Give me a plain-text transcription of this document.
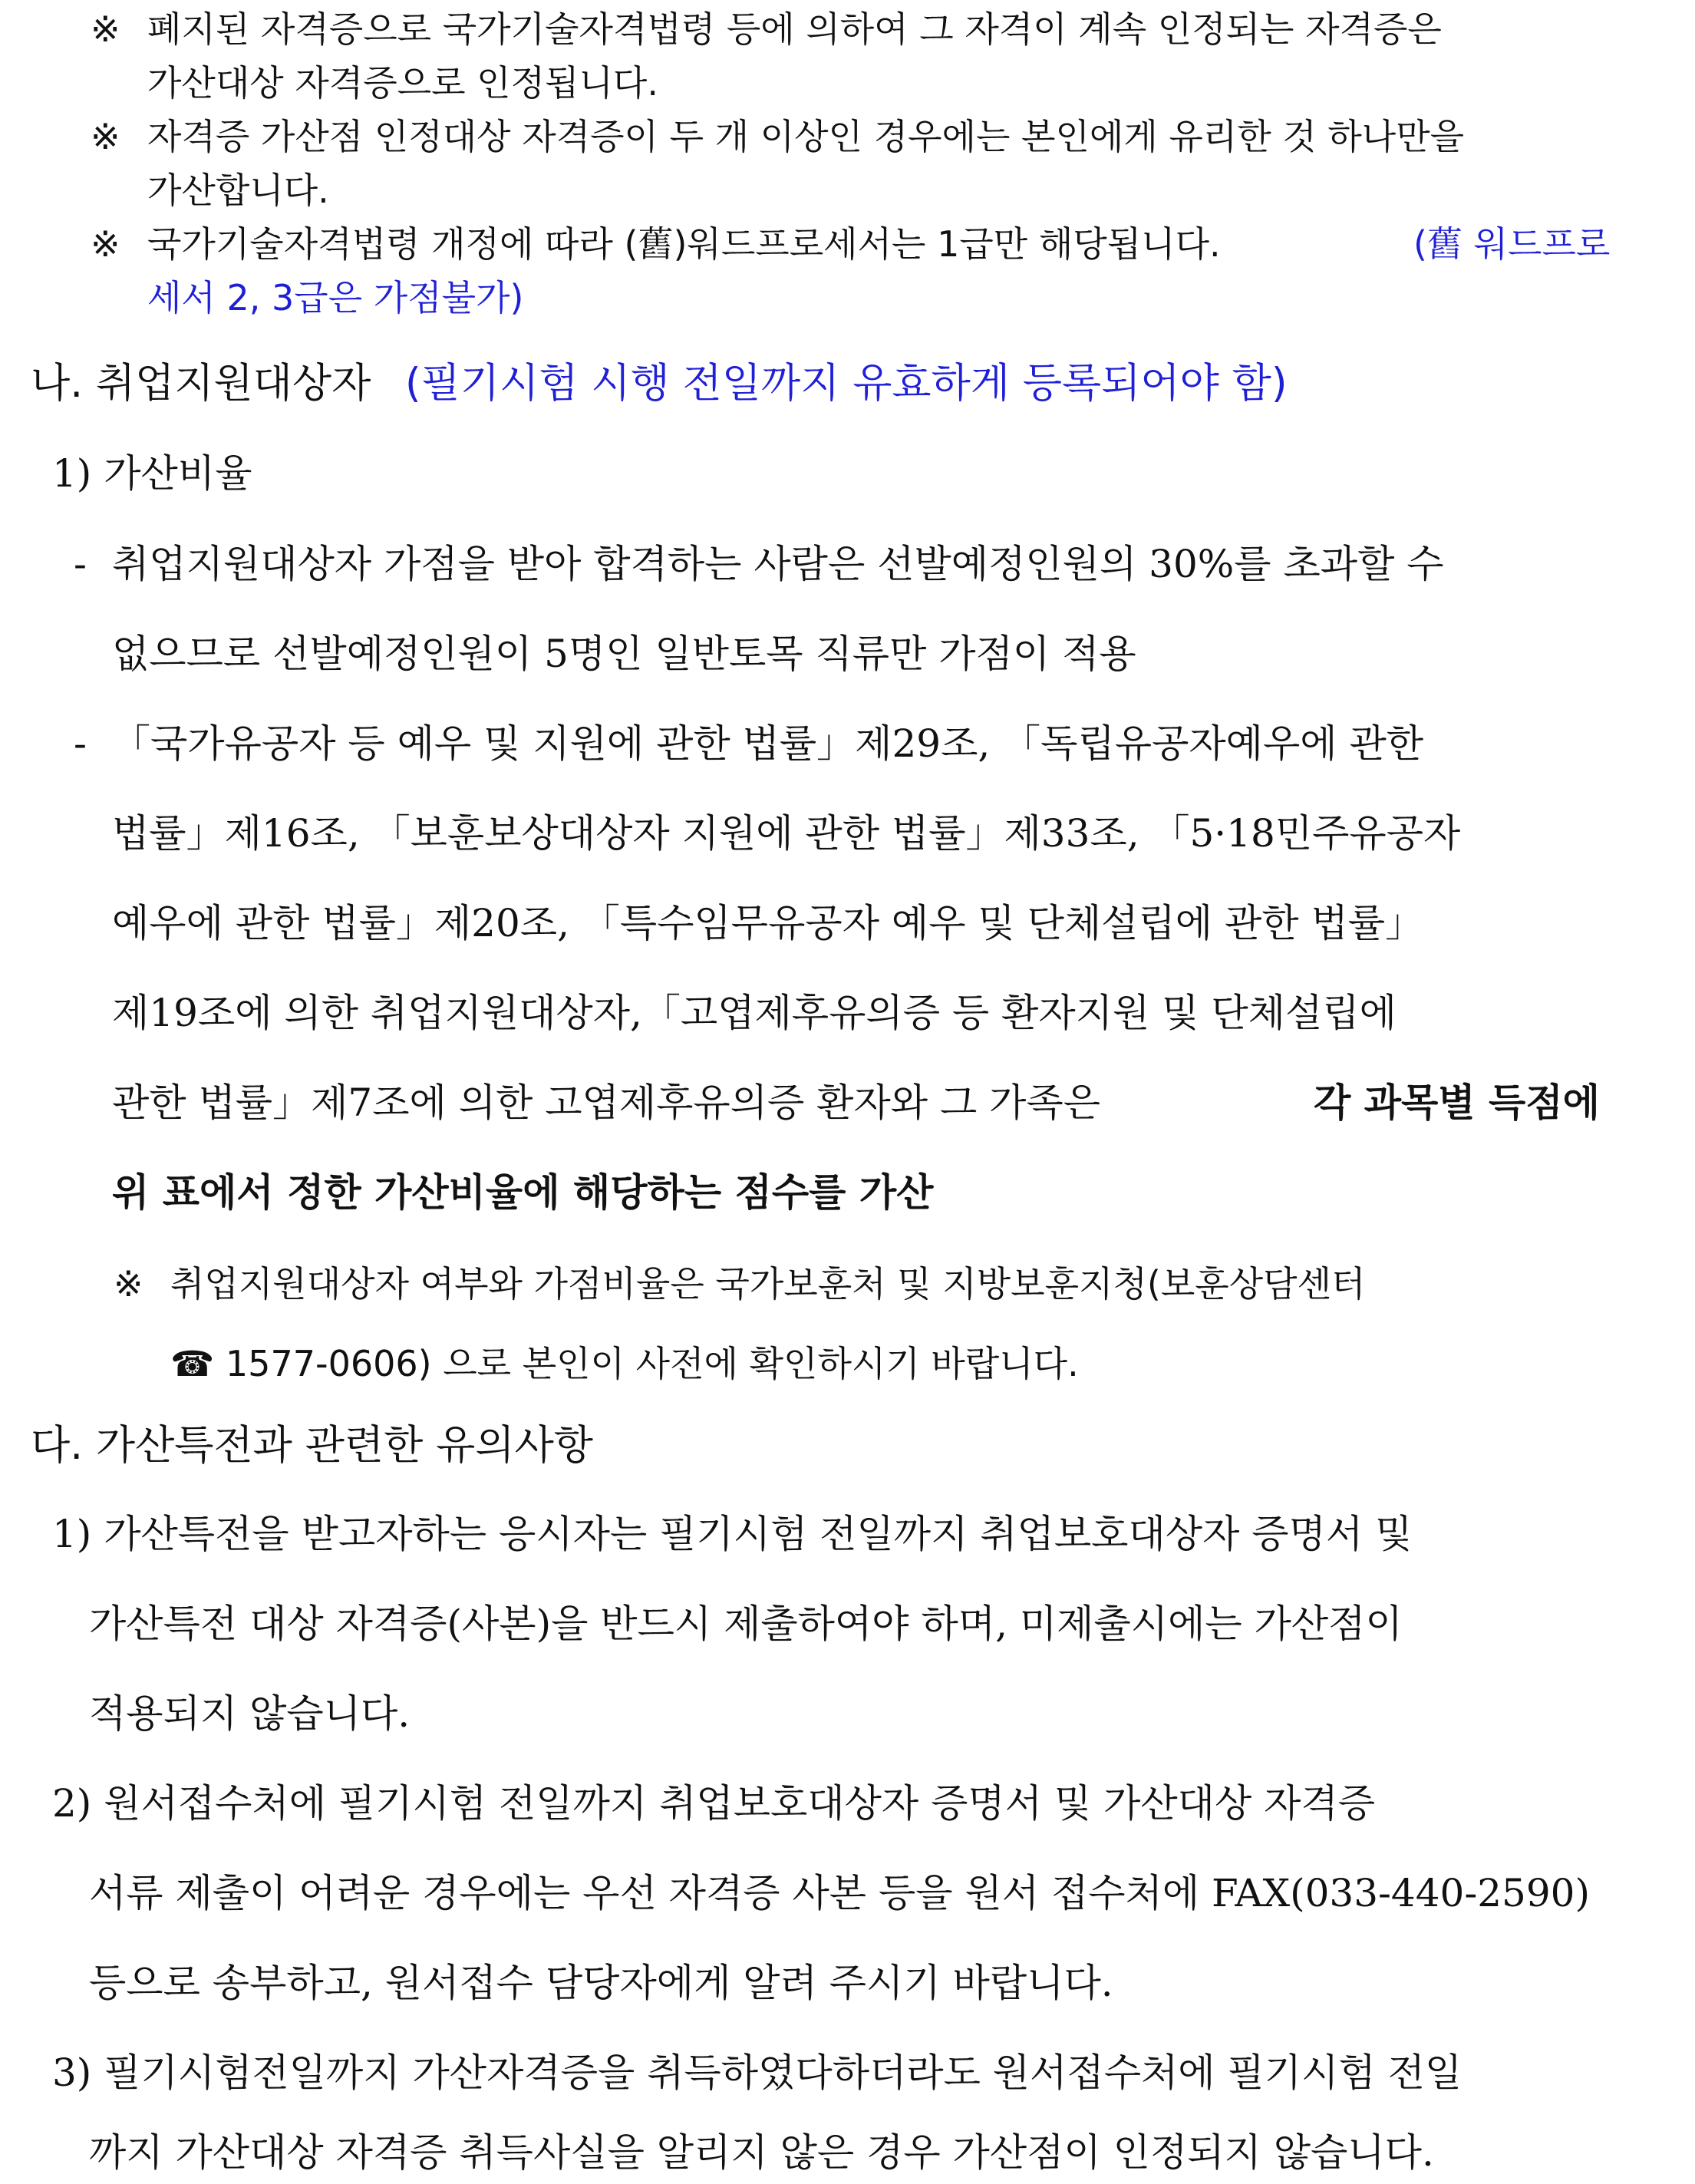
※ 폐지된 자격증으로 국가기술자격법령 등에 의하여 그 자격이 계속 인정되는 자격증은
가산대상 자격증으로 인정됩니다.
※ 자격증 가산점 인정대상 자격증이 두 개 이상인 경우에는 본인에게 유리한 것 하나만을
가산합니다.
※ 국가기술자격법령 개정에 따라 (舊)워드프로세서는 1급만 해당됩니다.	(舊 워드프로
세서 2, 3급은 가점불가)
나. 취업지원대상자 (필기시험 시행 전일까지 유효하게 등록되어야 함)
1) 가산비율
- 취업지원대상자 가점을 받아 합격하는 사람은 선발예정인원의 30%를 초과할 수
없으므로 선발예정인원이 5명인 일반토목 직류만 가점이 적용
- 「국가유공자 등 예우 및 지원에 관한 법률」제29조, 「독립유공자예우에 관한
법률」제16조, 「보훈보상대상자 지원에 관한 법률」제33조, 「5·18민주유공자
예우에 관한 법률」제20조, 「특수임무유공자 예우 및 단체설립에 관한 법률」
제19조에 의한 취업지원대상자,「고엽제후유의증 등 환자지원 및 단체설립에
관한 법률」제7조에 의한 고엽제후유의증 환자와 그 가족은	각 과목별 득점에
위 표에서 정한 가산비율에 해당하는 점수를 가산
※ 취업지원대상자 여부와 가점비율은 국가보훈처 및 지방보훈지청(보훈상담센터
☎ 1577-0606) 으로 본인이 사전에 확인하시기 바랍니다.
다. 가산특전과 관련한 유의사항
1) 가산특전을 받고자하는 응시자는 필기시험 전일까지 취업보호대상자 증명서 및
가산특전 대상 자격증(사본)을 반드시 제출하여야 하며, 미제출시에는 가산점이
적용되지 않습니다.
2) 원서접수처에 필기시험 전일까지 취업보호대상자 증명서 및 가산대상 자격증
서류 제출이 어려운 경우에는 우선 자격증 사본 등을 원서 접수처에 FAX(033-440-2590)
등으로 송부하고, 원서접수 담당자에게 알려 주시기 바랍니다.
3) 필기시험전일까지 가산자격증을 취득하였다하더라도 원서접수처에 필기시험 전일
까지 가산대상 자격증 취득사실을 알리지 않은 경우 가산점이 인정되지 않습니다.
